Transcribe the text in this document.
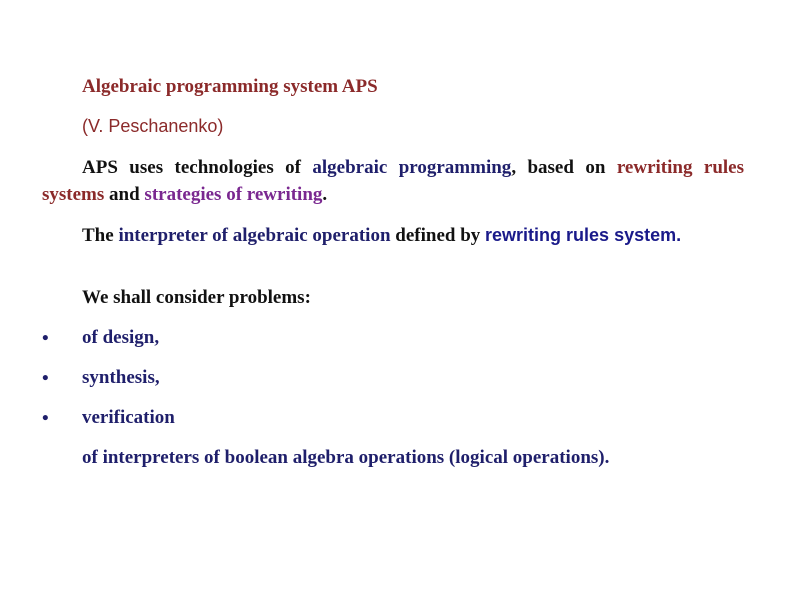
Algebraic programming system APS

(V. Peschanenko)

APS uses technologies of algebraic programming, based on rewriting rules systems and strategies of rewriting.

The interpreter of algebraic operation defined by rewriting rules system.

We shall consider problems:

• of design,

• synthesis,

• verification

of interpreters of boolean algebra operations (logical operations).
